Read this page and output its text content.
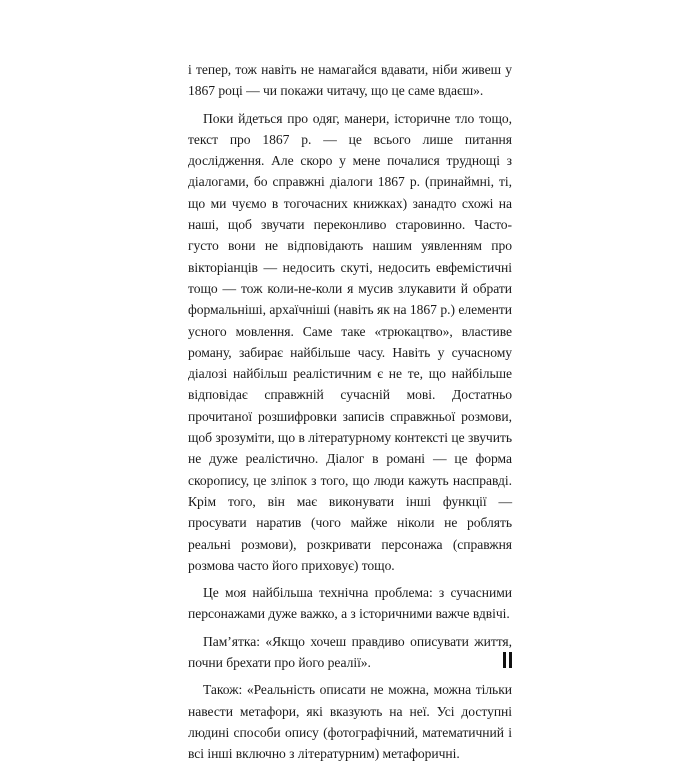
і тепер, тож навіть не намагайся вдавати, ніби живеш у 1867 році — чи покажи читачу, що це саме вдаєш».

Поки йдеться про одяг, манери, історичне тло тощо, текст про 1867 р. — це всього лише питання дослідження. Але скоро у мене почалися труднощі з діалогами, бо справжні діалоги 1867 р. (принаймні, ті, що ми чуємо в тогочасних книжках) занадто схожі на наші, щоб звучати переконливо старовинно. Часто-густо вони не відповідають нашим уявленням про вікторіанців — недосить скуті, недосить евфемістичні тощо — тож коли-не-коли я мусив злукавити й обрати формальніші, архаїчніші (навіть як на 1867 р.) елементи усного мовлення. Саме таке «трюкацтво», властиве роману, забирає найбільше часу. Навіть у сучасному діалозі найбільш реалістичним є не те, що найбільше відповідає справжній сучасній мові. Достатньо прочитаної розшифровки записів справжньої розмови, щоб зрозуміти, що в літературному контексті це звучить не дуже реалістично. Діалог в романі — це форма скоропису, це зліпок з того, що люди кажуть насправді. Крім того, він має виконувати інші функції — просувати наратив (чого майже ніколи не роблять реальні розмови), розкривати персонажа (справжня розмова часто його приховує) тощо.

Це моя найбільша технічна проблема: з сучасними персонажами дуже важко, а з історичними важче вдвічі.

Пам’ятка: «Якщо хочеш правдиво описувати життя, почни брехати про його реалії».

Також: «Реальність описати не можна, можна тільки навести метафори, які вказують на неї. Усі доступні людині способи опису (фотографічний, математичний і всі інші включно з літературним) метафоричні.
